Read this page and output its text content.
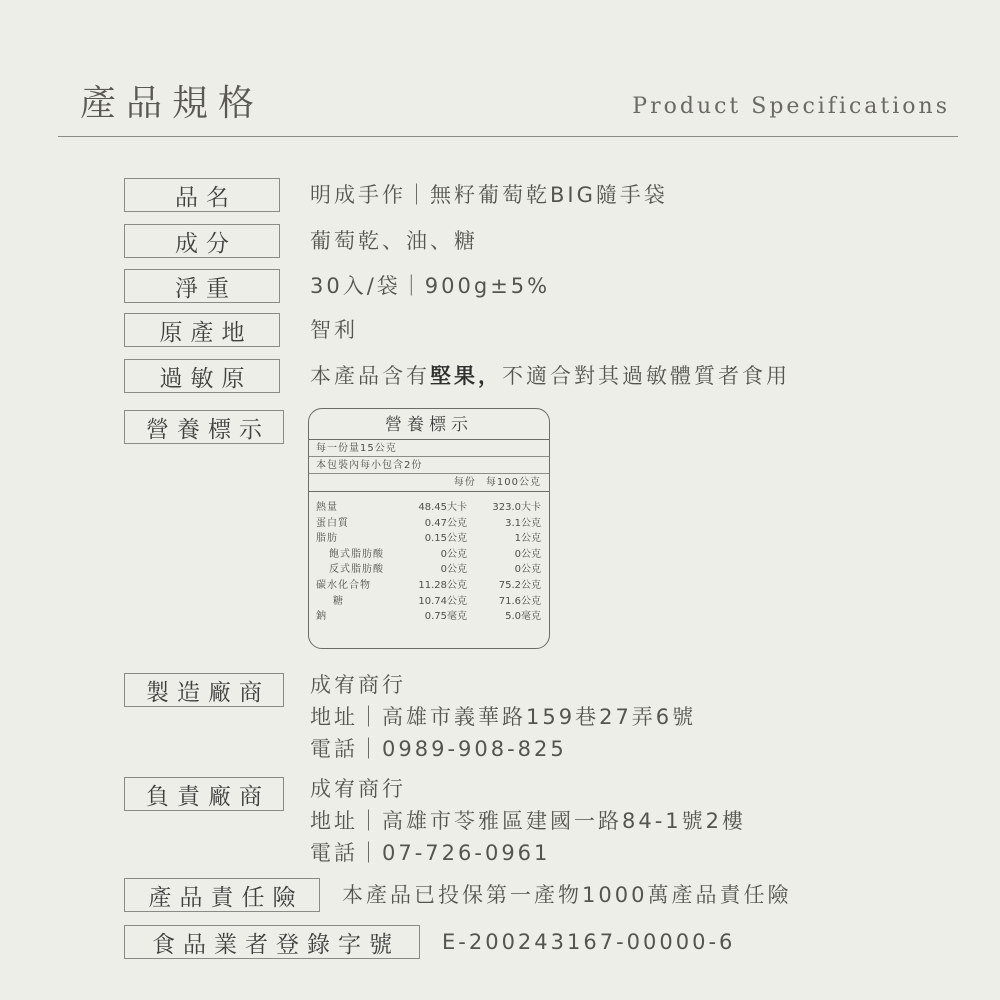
產品規格	Product Specifications
品名	明成手作｜無籽葡萄乾BIG隨手袋
成分	葡萄乾、油、糖
淨重	30入/袋｜900g±5%
原產地	智利
過敏原	本產品含有堅果，不適合對其過敏體質者食用
營養標示	營養標示
每一份量15公克
本包裝內每小包含2份
每份 每100公克
熱量	48.45大卡	323.0大卡
蛋白質	0.47公克	3.1公克
脂肪	0.15公克	1公克
飽式脂肪酸	0公克	0公克
反式脂肪酸	0公克	0公克
碳水化合物	11.28公克	75.2公克
糖	10.74公克	71.6公克
鈉	0.75毫克	5.0毫克
製造廠商	成宥商行
地址｜高雄市義華路159巷27弄6號
電話｜0989-908-825
負責廠商	成宥商行
地址｜高雄市苓雅區建國一路84-1號2樓
電話｜07-726-0961
產品責任險	本產品已投保第一產物1000萬產品責任險
食品業者登錄字號	E-200243167-00000-6
